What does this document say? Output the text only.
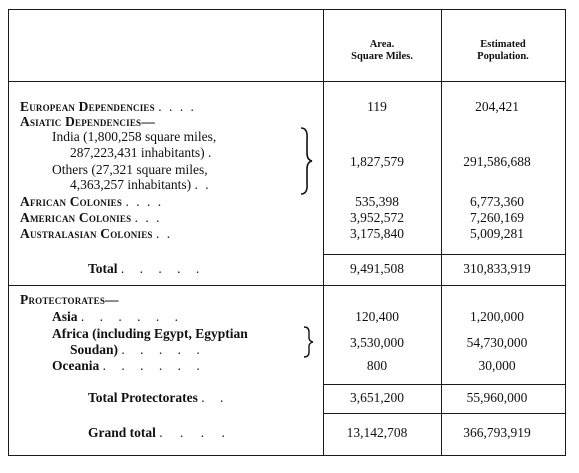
Area.
Square Miles.
Estimated
Population.
European Dependencies . . . .	119	204,421
Asiatic Dependencies—
India (1,800,258 square miles,
287,223,431 inhabitants) .
Others (27,321 square miles,
4,363,257 inhabitants) . .
1,827,579	291,586,688
African Colonies . . . .	535,398	6,773,360
American Colonies . . .	3,952,572	7,260,169
Australasian Colonies . .	3,175,840	5,009,281
Total . . . . .	9,491,508	310,833,919
Protectorates—
Asia . . . . . .	120,400	1,200,000
Africa (including Egypt, Egyptian
Soudan) . . . . .	3,530,000	54,730,000
Oceania . . . . . .	800	30,000
Total Protectorates . .	3,651,200	55,960,000
Grand total . . . .	13,142,708	366,793,919
